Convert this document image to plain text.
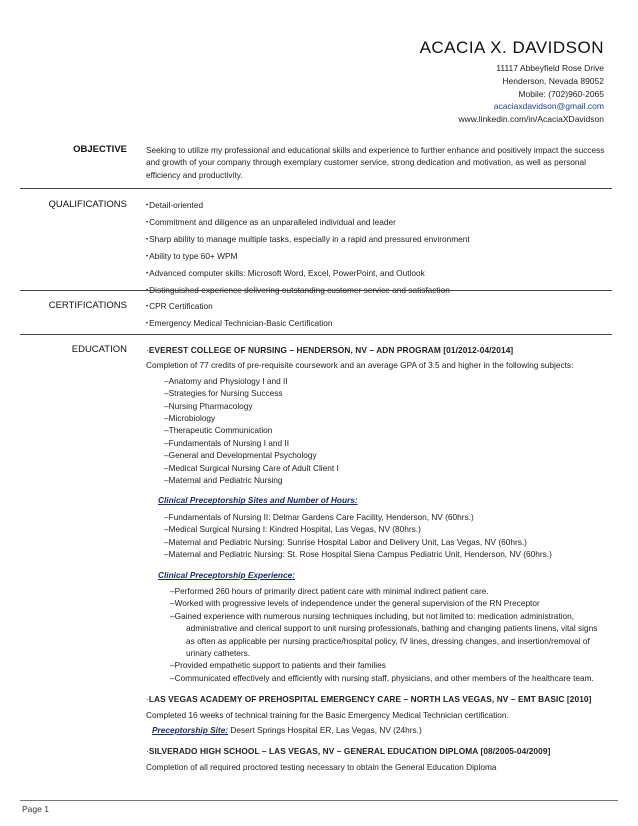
ACACIA X. DAVIDSON
11117 Abbeyfield Rose Drive
Henderson, Nevada 89052
Mobile: (702)960-2065
acaciaxdavidson@gmail.com
www.linkedin.com/in/AcaciaXDavidson
OBJECTIVE Seeking to utilize my professional and educational skills and experience to further enhance and positively impact the success and growth of your company through exemplary customer service, strong dedication and motivation, as well as personal efficiency and productivity.
QUALIFICATIONS	• Detail-oriented
• Commitment and diligence as an unparalleled individual and leader
• Sharp ability to manage multiple tasks, especially in a rapid and pressured environment
• Ability to type 60+ WPM
• Advanced computer skills: Microsoft Word, Excel, PowerPoint, and Outlook
• Distinguished experience delivering outstanding customer service and satisfaction
CERTIFICATIONS	• CPR Certification
• Emergency Medical Technician-Basic Certification
EDUCATION	· EVEREST COLLEGE OF NURSING – HENDERSON, NV – ADN PROGRAM [01/2012-04/2014]
Completion of 77 credits of pre-requisite coursework and an average GPA of 3.5 and higher in the following subjects:
– Anatomy and Physiology I and II
– Strategies for Nursing Success
– Nursing Pharmacology
– Microbiology
– Therapeutic Communication
– Fundamentals of Nursing I and II
– General and Developmental Psychology
– Medical Surgical Nursing Care of Adult Client I
– Maternal and Pediatric Nursing
Clinical Preceptorship Sites and Number of Hours:
– Fundamentals of Nursing II: Delmar Gardens Care Facility, Henderson, NV (60hrs.)
– Medical Surgical Nursing I: Kindred Hospital, Las Vegas, NV (80hrs.)
– Maternal and Pediatric Nursing: Sunrise Hospital Labor and Delivery Unit, Las Vegas, NV (60hrs.)
– Maternal and Pediatric Nursing: St. Rose Hospital Siena Campus Pediatric Unit, Henderson, NV (60hrs.)
Clinical Preceptorship Experience:
– Performed 260 hours of primarily direct patient care with minimal indirect patient care.
– Worked with progressive levels of independence under the general supervision of the RN Preceptor
– Gained experience with numerous nursing techniques including, but not limited to: medication administration,
administrative and clerical support to unit nursing professionals, bathing and changing patients linens, vital signs
as often as applicable per nursing practice/hospital policy, IV lines, dressing changes, and insertion/removal of
urinary catheters.
– Provided empathetic support to patients and their families
– Communicated effectively and efficiently with nursing staff, physicians, and other members of the healthcare team.
· LAS VEGAS ACADEMY OF PREHOSPITAL EMERGENCY CARE – NORTH LAS VEGAS, NV – EMT BASIC [2010]
Completed 16 weeks of technical training for the Basic Emergency Medical Technician certification.
Preceptorship Site: Desert Springs Hospital ER, Las Vegas, NV (24hrs.)
· SILVERADO HIGH SCHOOL – LAS VEGAS, NV – GENERAL EDUCATION DIPLOMA [08/2005-04/2009]
Completion of all required proctored testing necessary to obtain the General Education Diploma
Page 1
